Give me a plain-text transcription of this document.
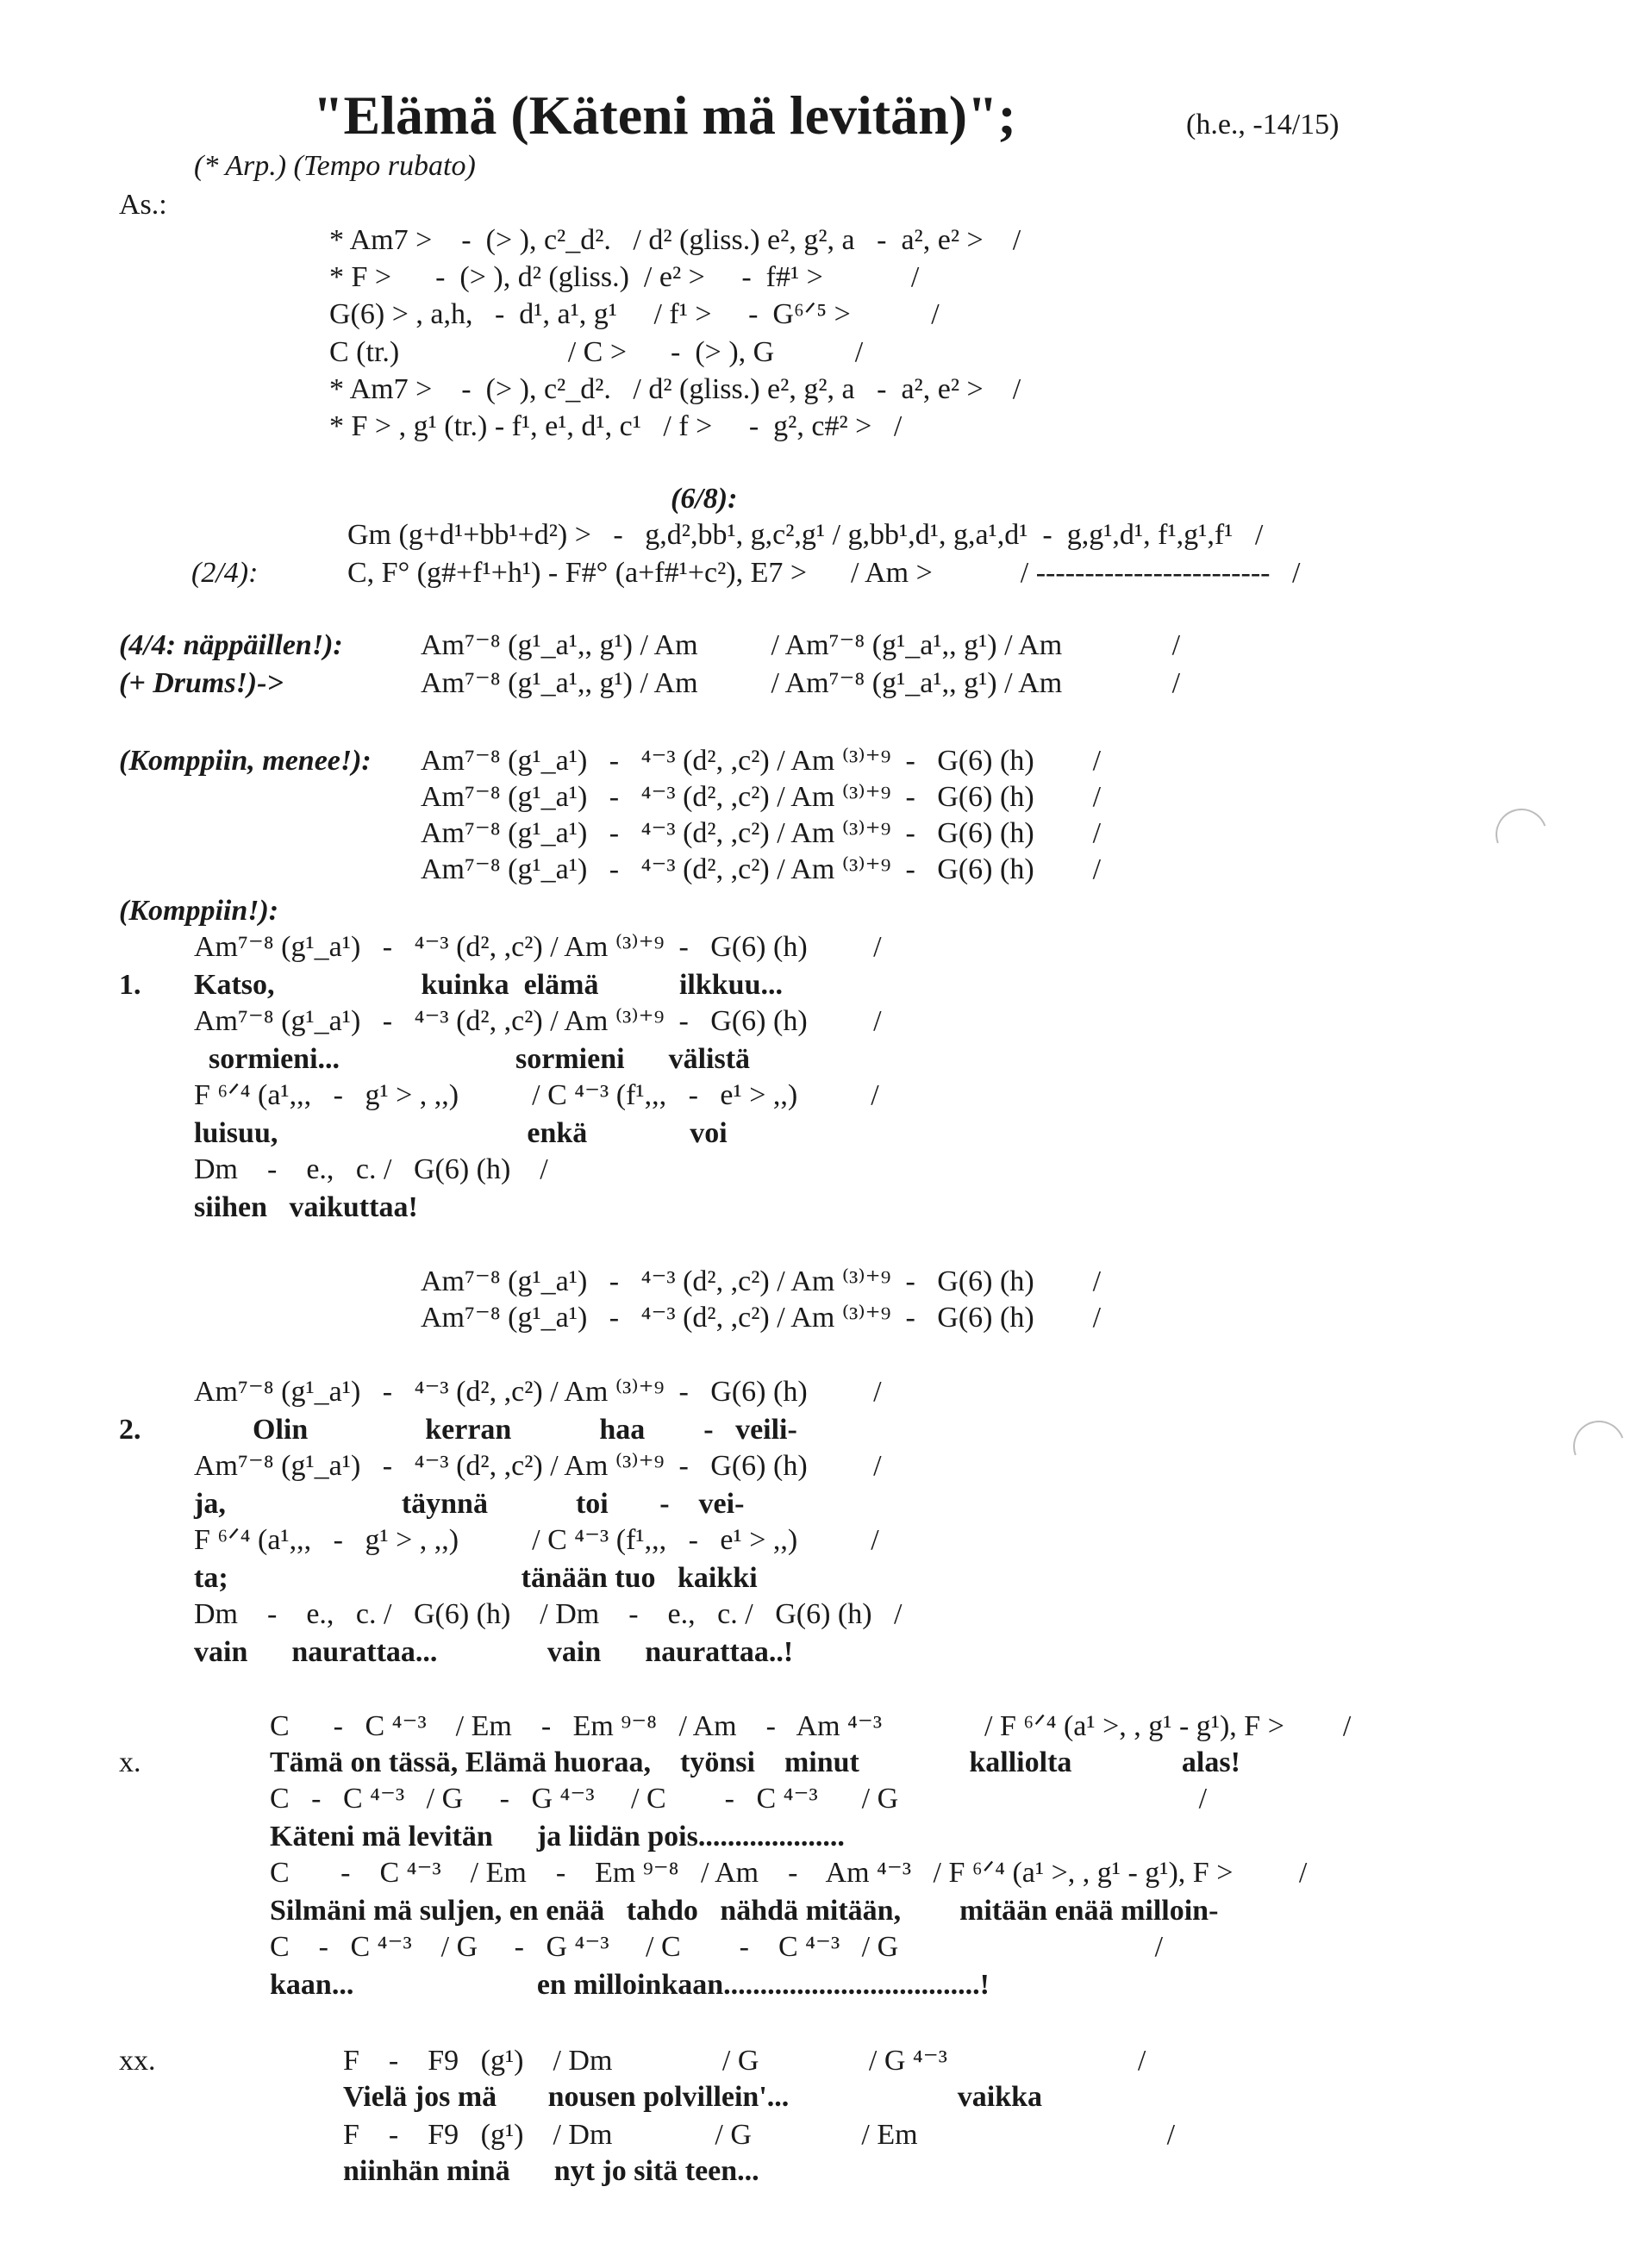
"Elämä (Käteni mä levitän)";	(h.e., -14/15)
(* Arp.) (Tempo rubato)
As.:
* Am7 >    -  (> ), c²_d².   / d² (gliss.) e², g², a   -  a², e² >    /
* F >      -  (> ), d² (gliss.)  / e² >     -  f#¹ >            /
G(6) > , a,h,   -  d¹, a¹, g¹     / f¹ >     -  G⁶ᐟ⁵ >           /
C (tr.)                       / C >      -  (> ), G           /
* Am7 >    -  (> ), c²_d².   / d² (gliss.) e², g², a   -  a², e² >    /
* F > , g¹ (tr.) - f¹, e¹, d¹, c¹   / f >     -  g², c#² >   /
(6/8):
Gm (g+d¹+bb¹+d²) >   -   g,d²,bb¹, g,c²,g¹ / g,bb¹,d¹, g,a¹,d¹  -  g,g¹,d¹, f¹,g¹,f¹   /
(2/4):	C, F° (g#+f¹+h¹) - F#° (a+f#¹+c²), E7 >      / Am >            / ------------------------   /
(4/4: näppäillen!):	Am⁷⁻⁸ (g¹_a¹,, g¹) / Am          / Am⁷⁻⁸ (g¹_a¹,, g¹) / Am               /
(+ Drums!)->	Am⁷⁻⁸ (g¹_a¹,, g¹) / Am          / Am⁷⁻⁸ (g¹_a¹,, g¹) / Am               /
(Komppiin, menee!): Am⁷⁻⁸ (g¹_a¹)   -   ⁴⁻³ (d², ,c²) / Am ⁽³⁾⁺⁹  -   G(6) (h)        /
Am⁷⁻⁸ (g¹_a¹)   -   ⁴⁻³ (d², ,c²) / Am ⁽³⁾⁺⁹  -   G(6) (h)        /
Am⁷⁻⁸ (g¹_a¹)   -   ⁴⁻³ (d², ,c²) / Am ⁽³⁾⁺⁹  -   G(6) (h)        /
Am⁷⁻⁸ (g¹_a¹)   -   ⁴⁻³ (d², ,c²) / Am ⁽³⁾⁺⁹  -   G(6) (h)        /
(Komppiin!):
Am⁷⁻⁸ (g¹_a¹)   -   ⁴⁻³ (d², ,c²) / Am ⁽³⁾⁺⁹  -   G(6) (h)         /
1. Katso,                    kuinka  elämä           ilkkuu...
Am⁷⁻⁸ (g¹_a¹)   -   ⁴⁻³ (d², ,c²) / Am ⁽³⁾⁺⁹  -   G(6) (h)         /
sormieni...                        sormieni      välistä
F ⁶ᐟ⁴ (a¹,,,   -   g¹ > , ,,)          / C ⁴⁻³ (f¹,,,   -   e¹ > ,,)          /
luisuu,                                  enkä              voi
Dm    -    e.,   c. /   G(6) (h)    /
siihen   vaikuttaa!
Am⁷⁻⁸ (g¹_a¹)   -   ⁴⁻³ (d², ,c²) / Am ⁽³⁾⁺⁹  -   G(6) (h)        /
Am⁷⁻⁸ (g¹_a¹)   -   ⁴⁻³ (d², ,c²) / Am ⁽³⁾⁺⁹  -   G(6) (h)        /
Am⁷⁻⁸ (g¹_a¹)   -   ⁴⁻³ (d², ,c²) / Am ⁽³⁾⁺⁹  -   G(6) (h)         /
2. Olin                kerran            haa        -   veili-
Am⁷⁻⁸ (g¹_a¹)   -   ⁴⁻³ (d², ,c²) / Am ⁽³⁾⁺⁹  -   G(6) (h)         /
ja,                        täynnä            toi       -    vei-
F ⁶ᐟ⁴ (a¹,,,   -   g¹ > , ,,)          / C ⁴⁻³ (f¹,,,   -   e¹ > ,,)          /
ta;                                        tänään tuo   kaikki
Dm    -    e.,   c. /   G(6) (h)    / Dm    -    e.,   c. /   G(6) (h)   /
vain      naurattaa...               vain      naurattaa..!
C      -   C ⁴⁻³    / Em    -   Em ⁹⁻⁸   / Am    -   Am ⁴⁻³              / F ⁶ᐟ⁴ (a¹ >, , g¹ - g¹), F >        /
x.	Tämä on tässä, Elämä huoraa,    työnsi    minut               kalliolta               alas!
C   -   C ⁴⁻³   / G     -   G ⁴⁻³     / C        -   C ⁴⁻³      / G                                         /
Käteni mä levitän      ja liidän pois....................
C       -    C ⁴⁻³    / Em    -    Em ⁹⁻⁸   / Am    -    Am ⁴⁻³   / F ⁶ᐟ⁴ (a¹ >, , g¹ - g¹), F >         /
Silmäni mä suljen, en enää   tahdo   nähdä mitään,        mitään enää milloin-
C    -   C ⁴⁻³    / G     -   G ⁴⁻³     / C        -    C ⁴⁻³   / G                                   /
kaan...                         en milloinkaan...................................!
xx.	F    -    F9   (g¹)    / Dm               / G               / G ⁴⁻³                          /
Vielä jos mä       nousen polvillein'...                       vaikka
F    -    F9   (g¹)    / Dm              / G               / Em                                  /
niinhän minä      nyt jo sitä teen...
